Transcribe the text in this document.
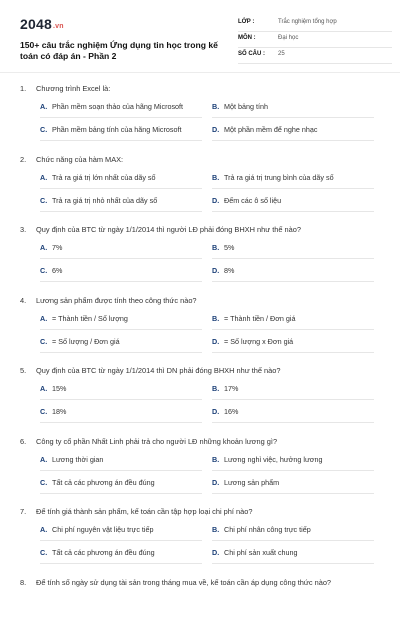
2048.vn
150+ câu trắc nghiệm Ứng dụng tin học trong kế toán có đáp án - Phần 2
LỚP :	Trắc nghiệm tổng hợp
MÔN :	Đại học
SỐ CÂU : 25
1. Chương trình Excel là:
A. Phần mềm soạn thảo của hãng Microsoft	B. Một bảng tính
C. Phần mềm bảng tính của hãng Microsoft	D. Một phần mềm để nghe nhạc
2. Chức năng của hàm MAX:
A. Trả ra giá trị lớn nhất của dãy số	B. Trả ra giá trị trung bình của dãy số
C. Trả ra giá trị nhỏ nhất của dãy số	D. Đếm các ô số liệu
3. Quy định của BTC từ ngày 1/1/2014 thì người LĐ phải đóng BHXH như thế nào?
A. 7%	B. 5%
C. 6%	D. 8%
4. Lương sản phẩm được tính theo công thức nào?
A. = Thành tiền / Số lượng	B. = Thành tiền / Đơn giá
C. = Số lượng / Đơn giá	D. = Số lượng x Đơn giá
5. Quy định của BTC từ ngày 1/1/2014 thì DN phải đóng BHXH như thế nào?
A. 15%	B. 17%
C. 18%	D. 16%
6. Công ty cổ phần Nhất Linh phải trả cho người LĐ những khoản lương gì?
A. Lương thời gian	B. Lương nghỉ việc, hưởng lương
C. Tất cả các phương án đều đúng	D. Lương sản phẩm
7. Để tính giá thành sản phẩm, kế toán cần tập hợp loại chi phí nào?
A. Chi phí nguyên vật liệu trực tiếp	B. Chi phí nhân công trực tiếp
C. Tất cả các phương án đều đúng	D. Chi phí sản xuất chung
8. Để tính số ngày sử dụng tài sản trong tháng mua về, kế toán cần áp dụng công thức nào?
